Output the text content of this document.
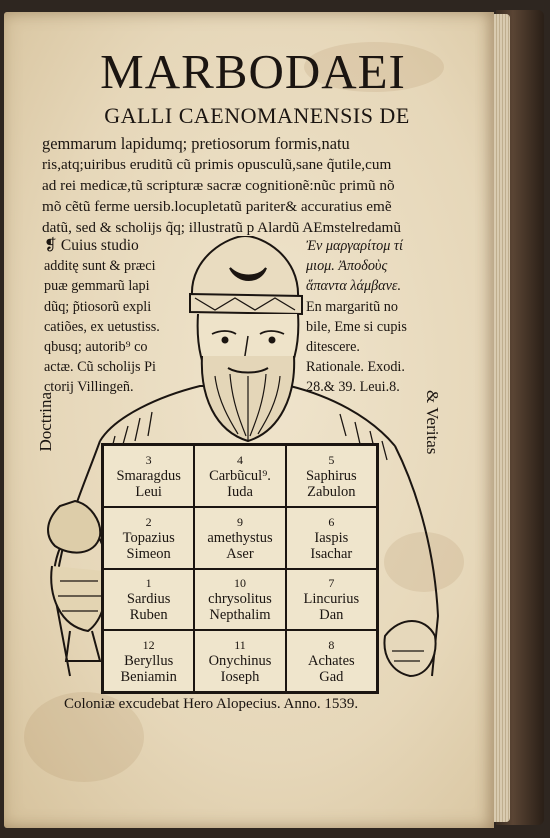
MARBODAEI
GALLI CAENOMANENSIS DE
gemmarum lapidumq; pretiosorum formis,natu
ris,atq;uiribus eruditũ cũ primis opusculũ,sane q̃utile,cum
ad rei medicæ,tũ scripturæ sacræ cognitionẽ:nũc primũ nõ
mõ cẽtũ ferme uersib.locupletatũ pariter& accuratius emẽ
datũ, sed & scholijs q̃q; illustratũ p Alardũ AEmstelredamũ
❡ Cuius studio
additę sunt & præci
puæ gemmarũ lapi
dũq; p̃tiosorũ expli
catiões, ex uetustiss.
qbusq; autorib⁹ co
actæ. Cũ scholijs Pi
ctorij Villingeñ.
Ἐν μαργαρίτομ τί
μιομ. Ἀποδοὺς
ἅπαντα λάμβανε.
En margaritũ no
bile, Eme si cupis
ditescere.
Rationale. Exodi.
28.& 39. Leui.8.
Doctrina	& Veritas
3
Smaragdus
Leui
4
Carbũcul⁹.
Iuda
5
Saphirus
Zabulon
2
Topazius
Simeon
9
amethystus
Aser
6
Iaspis
Isachar
1
Sardius
Ruben
10
chrysolitus
Nepthalim
7
Lincurius
Dan
12
Beryllus
Beniamin
11
Onychinus
Ioseph
8
Achates
Gad
Coloniæ excudebat Hero Alopecius. Anno. 1539.
